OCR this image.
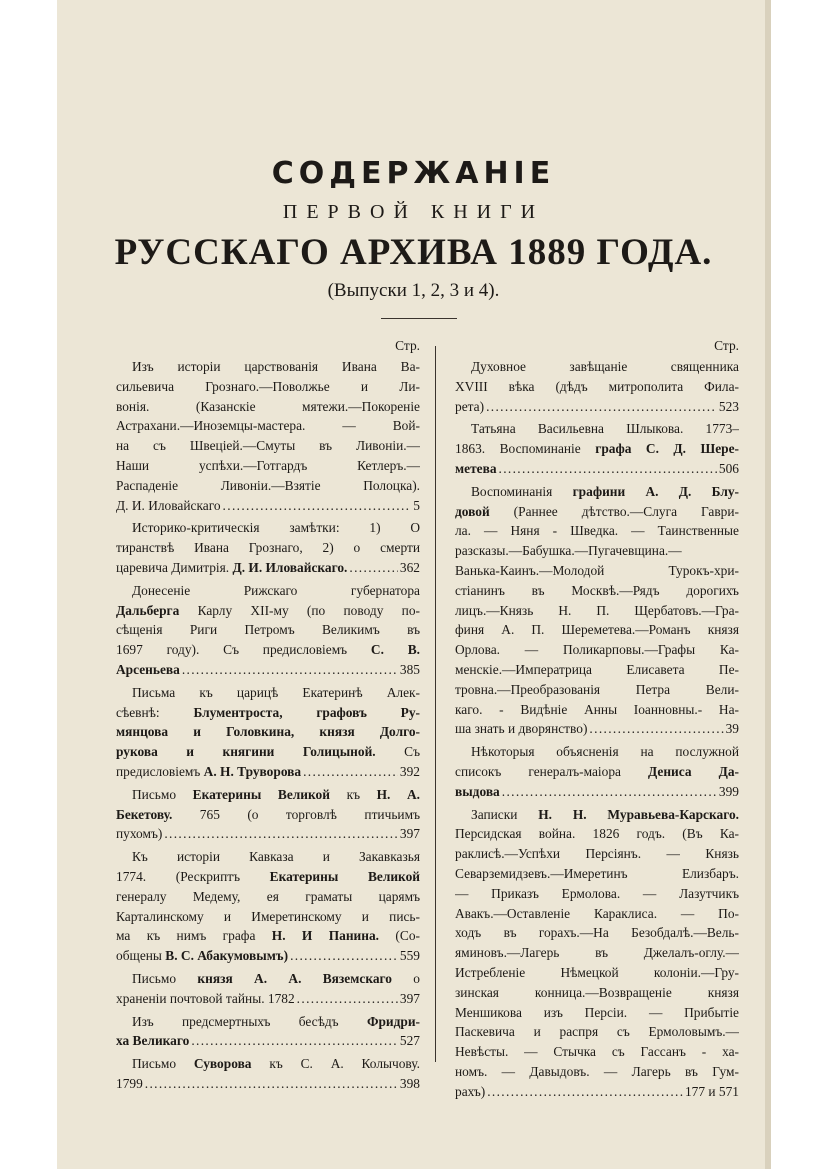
СОДЕРЖАНІЕ
ПЕРВОЙ КНИГИ
РУССКАГО АРХИВА 1889 ГОДА.
(Выпуски 1, 2, 3 и 4).
Стр.
Изъ исторіи царствованія Ивана Ва-
сильевича Грознаго.—Поволжье и Ли-
вонія. (Казанскіе мятежи.—Покореніе
Астрахани.—Иноземцы-мастера. — Вой-
на съ Швеціей.—Смуты въ Ливоніи.—
Наши успѣхи.—Готгардъ Кетлеръ.—
Распаденіе Ливоніи.—Взятіе Полоцка).
Д. И. Иловайскаго . . .	5
Историко-критическія замѣтки: 1) О
тиранствѣ Ивана Грознаго, 2) о смерти
царевича Димитрія. Д. И. Иловайскаго. . . .	362
Донесеніе Рижскаго губернатора
Дальберга Карлу XII-му (по поводу по-
сѣщенія Риги Петромъ Великимъ въ
1697 году). Съ предисловіемъ С. В.
Арсеньева . . .	385
Письма къ царицѣ Екатеринѣ Алек-
сѣевнѣ: Блументроста, графовъ Ру-
мянцова и Головкина, князя Долго-
рукова и княгини Голицыной. Съ
предисловіемъ А. Н. Труворова . . .	392
Письмо Екатерины Великой къ Н. А.
Бекетову. 765 (о торговлѣ птичьимъ
пухомъ) . . .	397
Къ исторіи Кавказа и Закавказья
1774. (Рескриптъ Екатерины Великой
генералу Медему, ея граматы царямъ
Карталинскому и Имеретинскому и пись-
ма къ нимъ графа Н. И Панина. (Со-
общены В. С. Абакумовымъ) . . .	559
Письмо князя А. А. Вяземскаго о
храненіи почтовой тайны. 1782 . . .	397
Изъ предсмертныхъ бесѣдъ Фридри-
ха Великаго . . .	527
Письмо Суворова къ С. А. Колычову.
1799 . . .	398
Стр.
Духовное завѣщаніе священника
XVIII вѣка (дѣдъ митрополита Фила-
рета) . . .	523
Татьяна Васильевна Шлыкова. 1773–
1863. Воспоминаніе графа С. Д. Шере-
метева . . .	506
Воспоминанія графини А. Д. Блу-
довой (Раннее дѣтство.—Слуга Гаври-
ла. — Няня - Шведка. — Таинственные
разсказы.—Бабушка.—Пугачевщина.—
Ванька-Каинъ.—Молодой Турокъ-хри-
стіанинъ въ Москвѣ.—Рядъ дорогихъ
лицъ.—Князь Н. П. Щербатовъ.—Гра-
финя А. П. Шереметева.—Романъ князя
Орлова. — Поликарповы.—Графы Ка-
менскіе.—Императрица Елисавета Пе-
тровна.—Преобразованія Петра Вели-
каго. - Видѣніе Анны Іоанновны.- На-
ша знать и дворянство) . . .	39
Нѣкоторыя объясненія на послужной
списокъ генералъ-маіора Дениса Да-
выдова . . .	399
Записки Н. Н. Муравьева-Карскаго.
Персидская война. 1826 годъ. (Въ Ка-
раклисѣ.—Успѣхи Персіянъ. — Князь
Севарземидзевъ.—Имеретинъ Елизбаръ.
— Приказъ Ермолова. — Лазутчикъ
Авакъ.—Оставленіе Караклиса. — По-
ходъ въ горахъ.—На Безобдалѣ.—Вель-
яминовъ.—Лагерь въ Джелалъ-оглу.—
Истребленіе Нѣмецкой колоніи.—Гру-
зинская конница.—Возвращеніе князя
Меншикова изъ Персіи. — Прибытіе
Паскевича и распря съ Ермоловымъ.—
Невѣсты. — Стычка съ Гассанъ - ха-
номъ. — Давыдовъ. — Лагерь въ Гум-
рахъ) . . .	177 и 571
